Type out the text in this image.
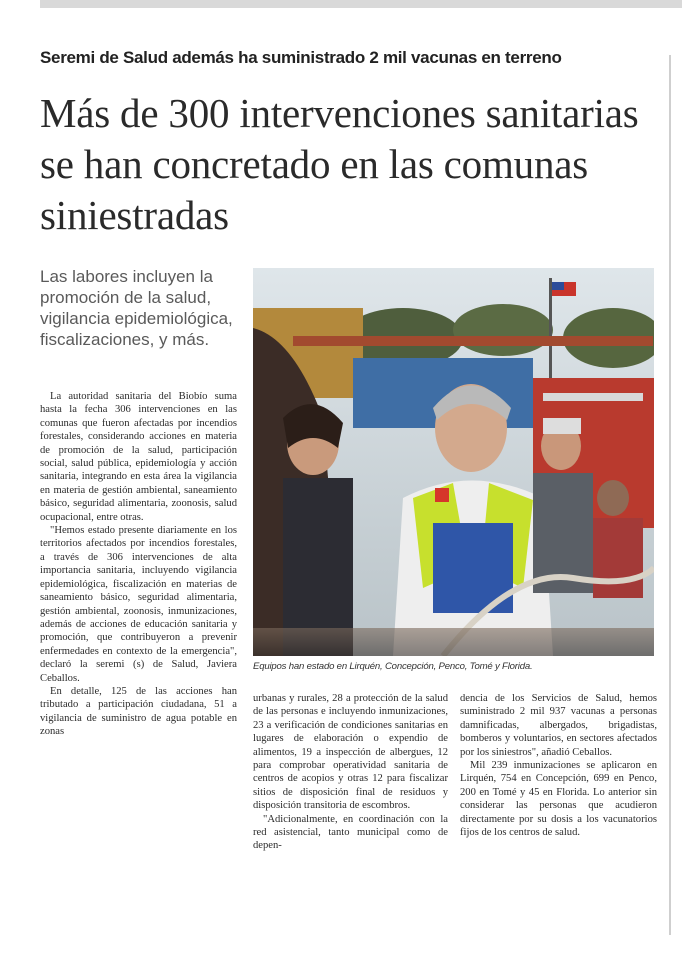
Seremi de Salud además ha suministrado 2 mil vacunas en terreno
Más de 300 intervenciones sanitarias se han concretado en las comunas siniestradas
Las labores incluyen la promoción de la salud, vigilancia epidemiológica, fiscalizaciones, y más.

La autoridad sanitaria del Biobío suma hasta la fecha 306 intervenciones en las comunas que fueron afectadas por incendios forestales, considerando acciones en materia de promoción de la salud, participación social, salud pública, epidemiología y acción sanitaria, integrando en esta área la vigilancia en materia de gestión ambiental, saneamiento básico, seguridad alimentaria, zoonosis, salud ocupacional, entre otras.

"Hemos estado presente diariamente en los territorios afectados por incendios forestales, a través de 306 intervenciones de alta importancia sanitaria, incluyendo vigilancia epidemiológica, fiscalización en materias de saneamiento básico, seguridad alimentaria, gestión ambiental, zoonosis, inmunizaciones, además de acciones de educación sanitaria y promoción, que contribuyeron a prevenir enfermedades en contexto de la emergencia", declaró la seremi (s) de Salud, Javiera Ceballos.

En detalle, 125 de las acciones han tributado a participación ciudadana, 51 a vigilancia de suministro de agua potable en zonas

Equipos han estado en Lirquén, Concepción, Penco, Tomé y Florida.

urbanas y rurales, 28 a protección de la salud de las personas e incluyendo inmunizaciones, 23 a verificación de condiciones sanitarias en lugares de elaboración o expendio de alimentos, 19 a inspección de albergues, 12 para comprobar operatividad sanitaria de centros de acopios y otras 12 para fiscalizar sitios de disposición final de residuos y disposición transitoria de escombros.

"Adicionalmente, en coordinación con la red asistencial, tanto municipal como de depen-

dencia de los Servicios de Salud, hemos suministrado 2 mil 937 vacunas a personas damnificadas, albergados, brigadistas, bomberos y voluntarios, en sectores afectados por los siniestros", añadió Ceballos.

Mil 239 inmunizaciones se aplicaron en Lirquén, 754 en Concepción, 699 en Penco, 200 en Tomé y 45 en Florida. Lo anterior sin considerar las personas que acudieron directamente por su dosis a los vacunatorios fijos de los centros de salud.
